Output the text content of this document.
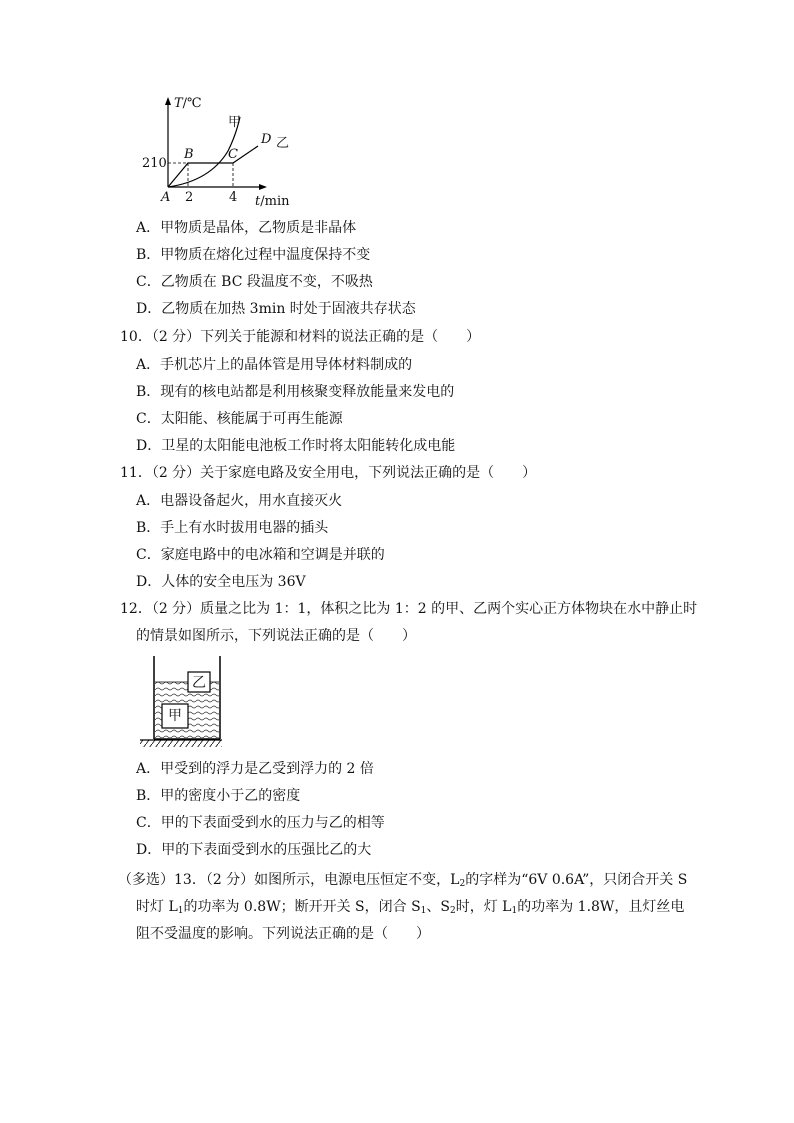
T/℃
甲
D 乙
B	C
210
A 2	4 t/min
A．甲物质是晶体，乙物质是非晶体
B．甲物质在熔化过程中温度保持不变
C．乙物质在 BC 段温度不变，不吸热
D．乙物质在加热 3min 时处于固液共存状态
10．（2 分）下列关于能源和材料的说法正确的是（　　）
A．手机芯片上的晶体管是用导体材料制成的
B．现有的核电站都是利用核聚变释放能量来发电的
C．太阳能、核能属于可再生能源
D．卫星的太阳能电池板工作时将太阳能转化成电能
11．（2 分）关于家庭电路及安全用电，下列说法正确的是（　　）
A．电器设备起火，用水直接灭火
B．手上有水时拔用电器的插头
C．家庭电路中的电冰箱和空调是并联的
D．人体的安全电压为 36V
12．（2 分）质量之比为 1：1，体积之比为 1：2 的甲、乙两个实心正方体物块在水中静止时
的情景如图所示，下列说法正确的是（　　）
乙
甲
A．甲受到的浮力是乙受到浮力的 2 倍
B．甲的密度小于乙的密度
C．甲的下表面受到水的压力与乙的相等
D．甲的下表面受到水的压强比乙的大
（多选）13．（2 分）如图所示，电源电压恒定不变，$L_2$的字样为“6V 0.6A”，只闭合开关 S
时灯 $L_1$的功率为 0.8W；断开开关 S，闭合 $S_1$、$S_2$时，灯 $L_1$的功率为 1.8W，且灯丝电
阻不受温度的影响。下列说法正确的是（　　）
